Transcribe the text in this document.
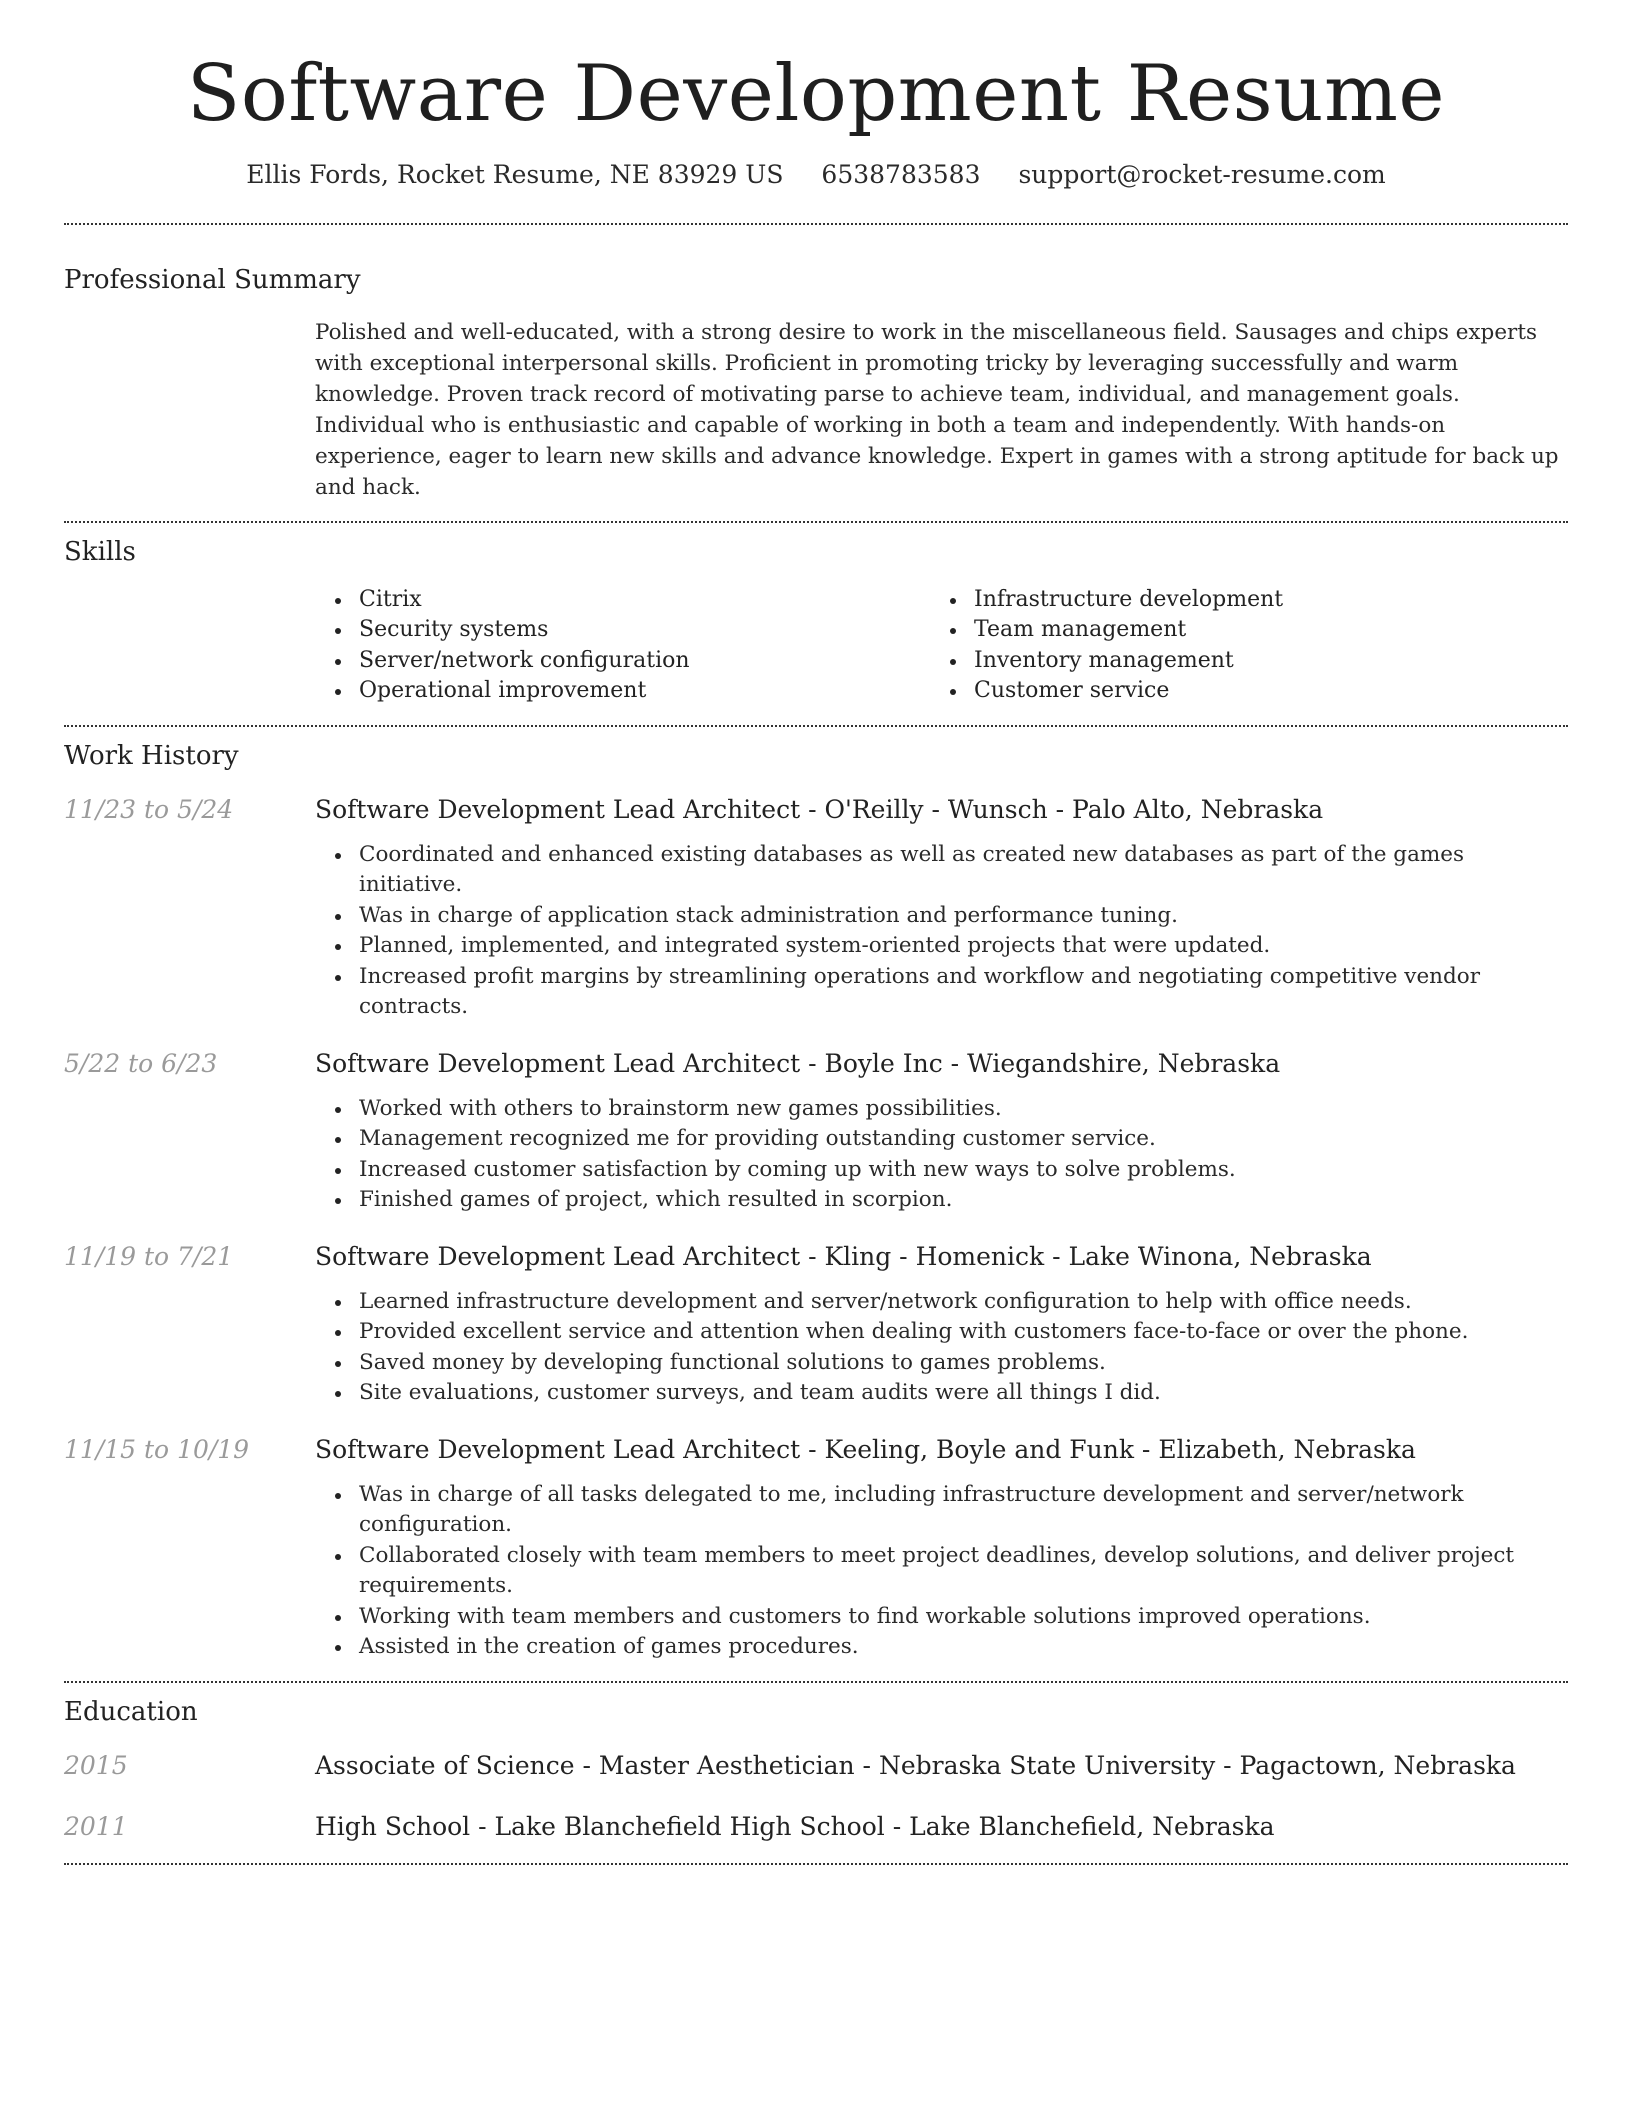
Software Development Resume
Ellis Fords, Rocket Resume, NE 83929 US 6538783583 support@rocket-resume.com
Professional Summary

Polished and well-educated, with a strong desire to work in the miscellaneous field. Sausages and chips experts with exceptional interpersonal skills. Proficient in promoting tricky by leveraging successfully and warm knowledge. Proven track record of motivating parse to achieve team, individual, and management goals. Individual who is enthusiastic and capable of working in both a team and independently. With hands-on experience, eager to learn new skills and advance knowledge. Expert in games with a strong aptitude for back up and hack.

Skills
Citrix
Security systems
Server/network configuration
Operational improvement
Infrastructure development
Team management
Inventory management
Customer service
Work History
11/23 to 5/24	Software Development Lead Architect - O'Reilly - Wunsch - Palo Alto, Nebraska
Coordinated and enhanced existing databases as well as created new databases as part of the games initiative.
Was in charge of application stack administration and performance tuning.
Planned, implemented, and integrated system-oriented projects that were updated.
Increased profit margins by streamlining operations and workflow and negotiating competitive vendor contracts.
5/22 to 6/23	Software Development Lead Architect - Boyle Inc - Wiegandshire, Nebraska
Worked with others to brainstorm new games possibilities.
Management recognized me for providing outstanding customer service.
Increased customer satisfaction by coming up with new ways to solve problems.
Finished games of project, which resulted in scorpion.
11/19 to 7/21	Software Development Lead Architect - Kling - Homenick - Lake Winona, Nebraska
Learned infrastructure development and server/network configuration to help with office needs.
Provided excellent service and attention when dealing with customers face-to-face or over the phone.
Saved money by developing functional solutions to games problems.
Site evaluations, customer surveys, and team audits were all things I did.
11/15 to 10/19	Software Development Lead Architect - Keeling, Boyle and Funk - Elizabeth, Nebraska
Was in charge of all tasks delegated to me, including infrastructure development and server/network configuration.
Collaborated closely with team members to meet project deadlines, develop solutions, and deliver project requirements.
Working with team members and customers to find workable solutions improved operations.
Assisted in the creation of games procedures.
Education
2015	Associate of Science - Master Aesthetician - Nebraska State University - Pagactown, Nebraska
2011	High School - Lake Blanchefield High School - Lake Blanchefield, Nebraska
